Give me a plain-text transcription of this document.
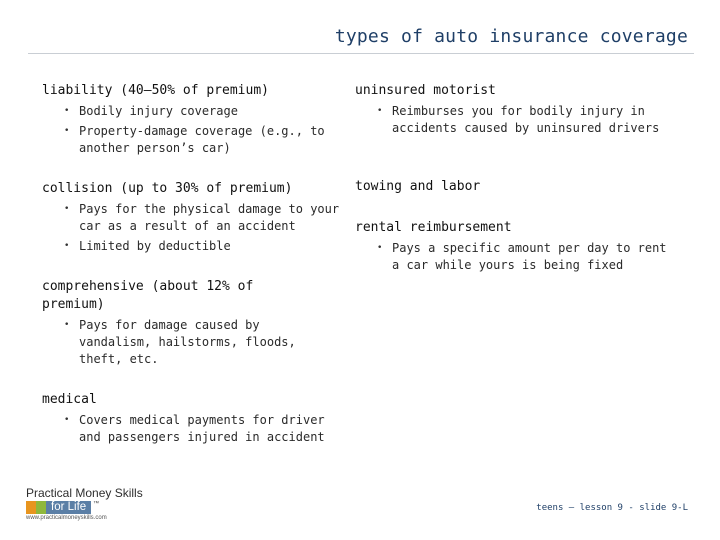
types of auto insurance coverage
liability (40–50% of premium)
• Bodily injury coverage
• Property-damage coverage (e.g., to another person’s car)
collision (up to 30% of premium)
• Pays for the physical damage to your car as a result of an accident
• Limited by deductible
comprehensive (about 12% of premium)
• Pays for damage caused by vandalism, hailstorms, floods, theft, etc.
medical
• Covers medical payments for driver and passengers injured in accident
uninsured motorist
• Reimburses you for bodily injury in accidents caused by uninsured drivers
towing and labor
rental reimbursement
• Pays a specific amount per day to rent a car while yours is being fixed
Practical Money Skills
for Life	™
www.practicalmoneyskills.com
teens – lesson 9 - slide 9-L
